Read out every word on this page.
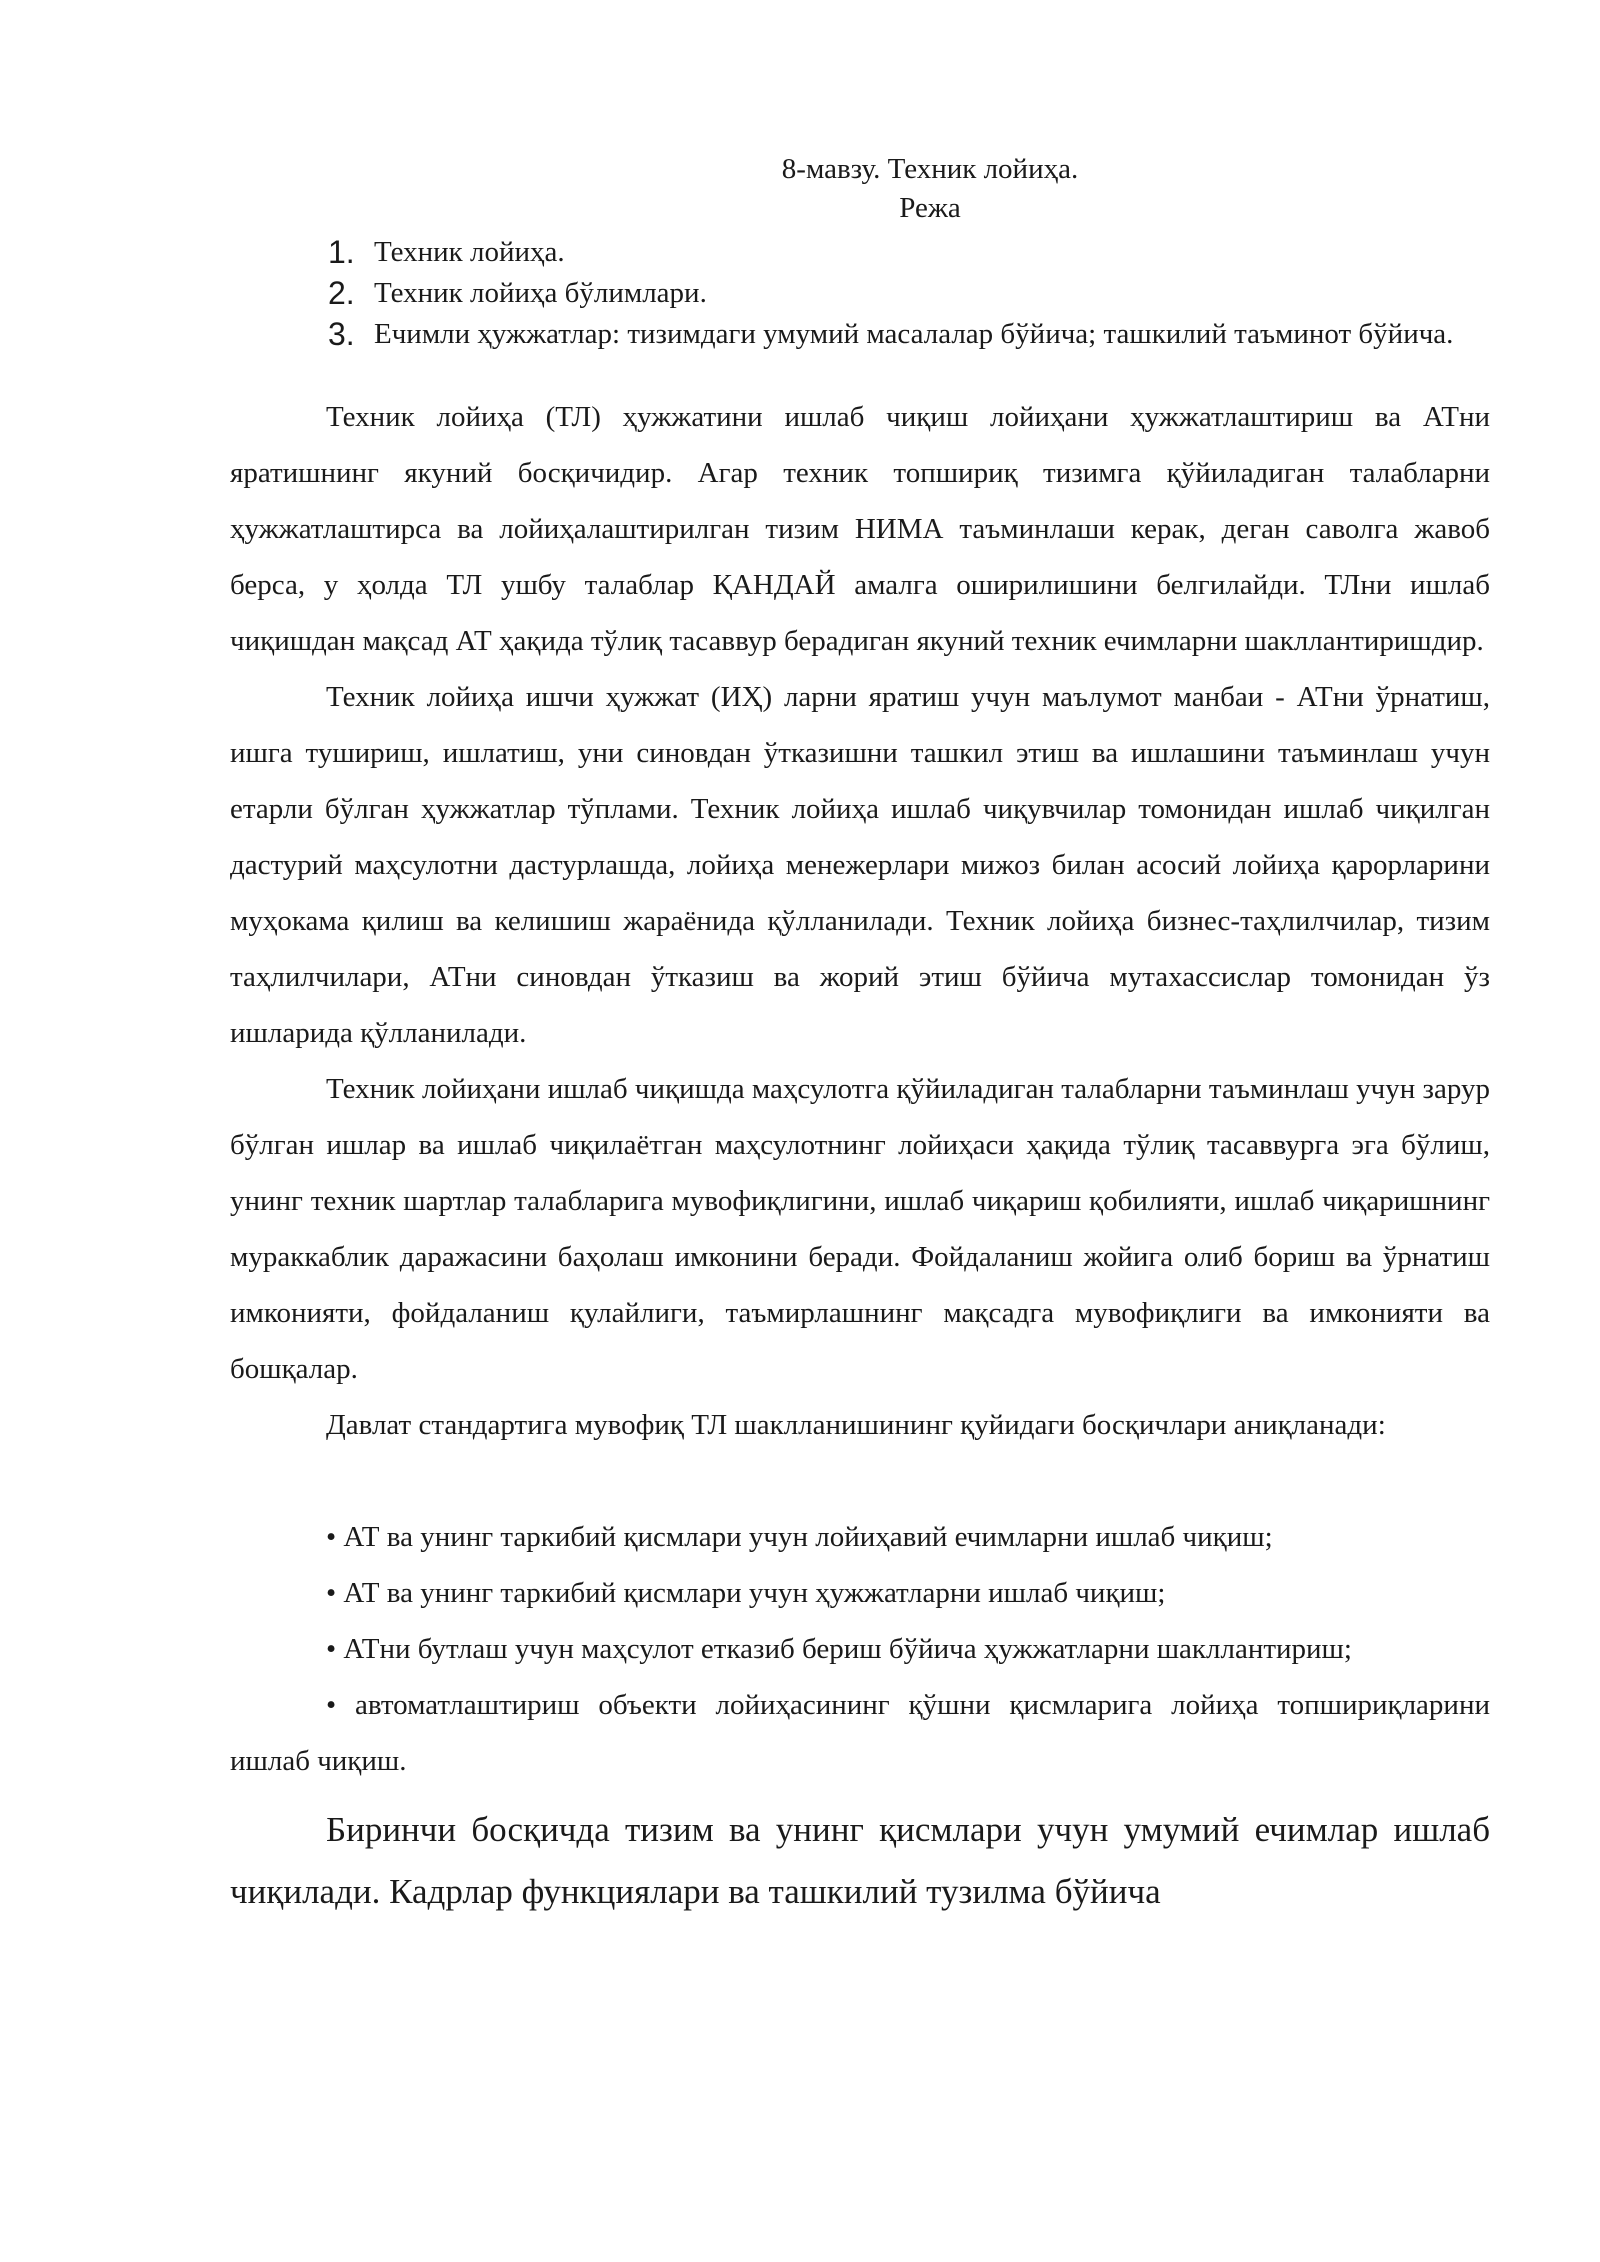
8-мавзу. Техник лойиҳа.
Режа
1. Техник лойиҳа.
2. Техник лойиҳа бўлимлари.
3. Ечимли ҳужжатлар: тизимдаги умумий масалалар бўйича; ташкилий таъминот бўйича.

Техник лойиҳа (ТЛ) ҳужжатини ишлаб чиқиш лойиҳани ҳужжатлаштириш ва АТни яратишнинг якуний босқичидир. Агар техник топшириқ тизимга қўйиладиган талабларни ҳужжатлаштирса ва лойиҳалаштирилган тизим НИМА таъминлаши керак, деган саволга жавоб берса, у ҳолда ТЛ ушбу талаблар ҚАНДАЙ амалга оширилишини белгилайди. ТЛни ишлаб чиқишдан мақсад АТ ҳақида тўлиқ тасаввур берадиган якуний техник ечимларни шакллантиришдир.

Техник лойиҳа ишчи ҳужжат (ИҲ) ларни яратиш учун маълумот манбаи - АТни ўрнатиш, ишга тушириш, ишлатиш, уни синовдан ўтказишни ташкил этиш ва ишлашини таъминлаш учун етарли бўлган ҳужжатлар тўплами. Техник лойиҳа ишлаб чиқувчилар томонидан ишлаб чиқилган дастурий маҳсулотни дастурлашда, лойиҳа менежерлари мижоз билан асосий лойиҳа қарорларини муҳокама қилиш ва келишиш жараёнида қўлланилади. Техник лойиҳа бизнес-таҳлилчилар, тизим таҳлилчилари, АТни синовдан ўтказиш ва жорий этиш бўйича мутахассислар томонидан ўз ишларида қўлланилади.

Техник лойиҳани ишлаб чиқишда маҳсулотга қўйиладиган талабларни таъминлаш учун зарур бўлган ишлар ва ишлаб чиқилаётган маҳсулотнинг лойиҳаси ҳақида тўлиқ тасаввурга эга бўлиш, унинг техник шартлар талабларига мувофиқлигини, ишлаб чиқариш қобилияти, ишлаб чиқаришнинг мураккаблик даражасини баҳолаш имконини беради. Фойдаланиш жойига олиб бориш ва ўрнатиш имконияти, фойдаланиш қулайлиги, таъмирлашнинг мақсадга мувофиқлиги ва имконияти ва бошқалар.

Давлат стандартига мувофиқ ТЛ шаклланишининг қуйидаги босқичлари аниқланади:

• АТ ва унинг таркибий қисмлари учун лойиҳавий ечимларни ишлаб чиқиш;

• АТ ва унинг таркибий қисмлари учун ҳужжатларни ишлаб чиқиш;

• АТни бутлаш учун маҳсулот етказиб бериш бўйича ҳужжатларни шакллантириш;

• автоматлаштириш объекти лойиҳасининг қўшни қисмларига лойиҳа топшириқларини ишлаб чиқиш.

Биринчи босқичда тизим ва унинг қисмлари учун умумий ечимлар ишлаб чиқилади. Кадрлар функциялари ва ташкилий тузилма бўйича
